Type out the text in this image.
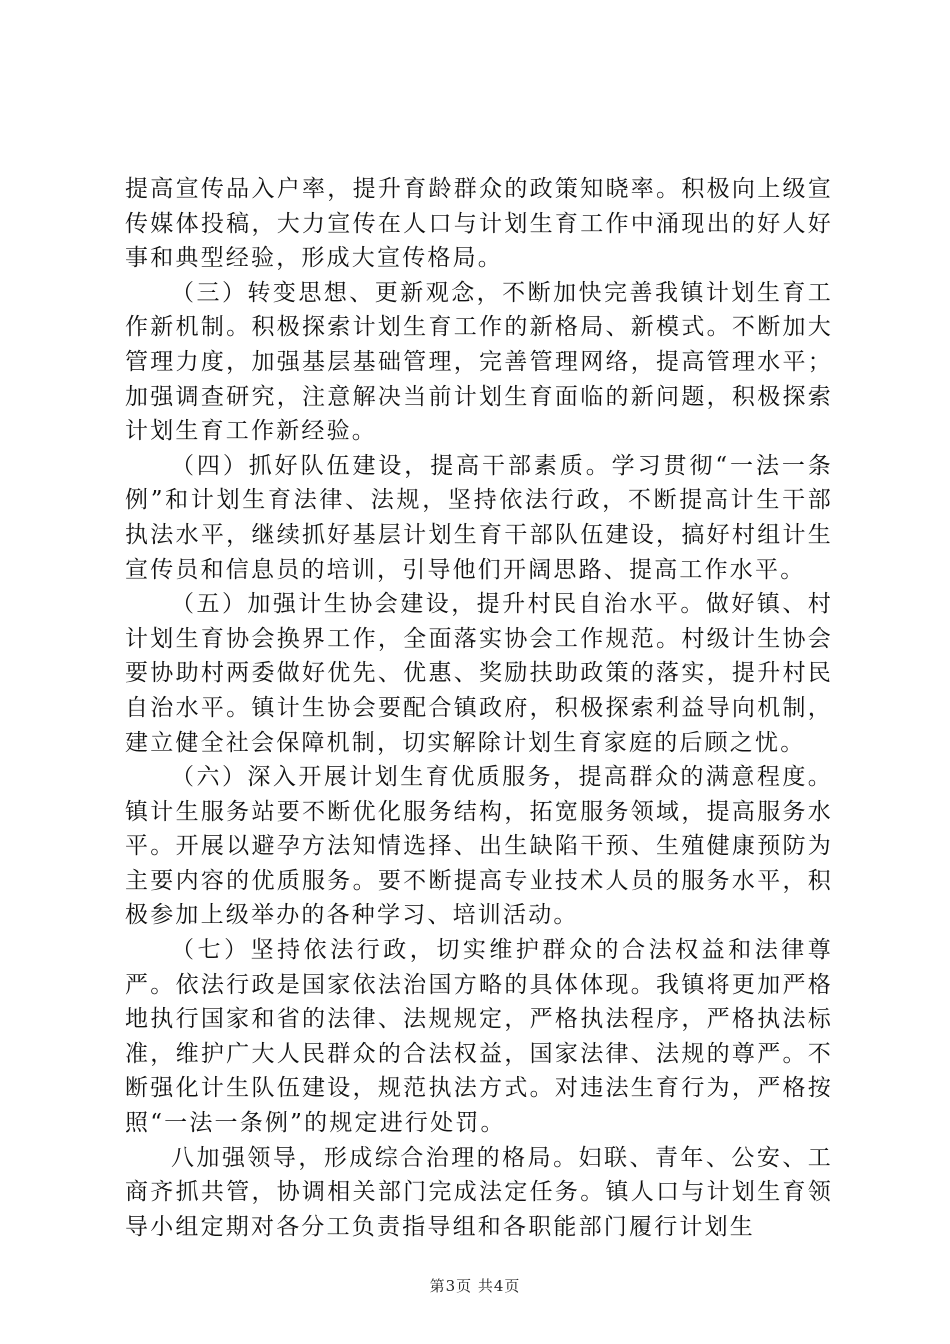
提高宣传品入户率，提升育龄群众的政策知晓率。积极向上级宣传媒体投稿，大力宣传在人口与计划生育工作中涌现出的好人好事和典型经验，形成大宣传格局。

（三）转变思想、更新观念，不断加快完善我镇计划生育工作新机制。积极探索计划生育工作的新格局、新模式。不断加大管理力度，加强基层基础管理，完善管理网络，提高管理水平；加强调查研究，注意解决当前计划生育面临的新问题，积极探索计划生育工作新经验。

（四）抓好队伍建设，提高干部素质。学习贯彻“一法一条例”和计划生育法律、法规，坚持依法行政，不断提高计生干部执法水平，继续抓好基层计划生育干部队伍建设，搞好村组计生宣传员和信息员的培训，引导他们开阔思路、提高工作水平。

（五）加强计生协会建设，提升村民自治水平。做好镇、村计划生育协会换界工作，全面落实协会工作规范。村级计生协会要协助村两委做好优先、优惠、奖励扶助政策的落实，提升村民自治水平。镇计生协会要配合镇政府，积极探索利益导向机制，建立健全社会保障机制，切实解除计划生育家庭的后顾之忧。

（六）深入开展计划生育优质服务，提高群众的满意程度。镇计生服务站要不断优化服务结构，拓宽服务领域，提高服务水平。开展以避孕方法知情选择、出生缺陷干预、生殖健康预防为主要内容的优质服务。要不断提高专业技术人员的服务水平，积极参加上级举办的各种学习、培训活动。

（七）坚持依法行政，切实维护群众的合法权益和法律尊严。依法行政是国家依法治国方略的具体体现。我镇将更加严格地执行国家和省的法律、法规规定，严格执法程序，严格执法标准，维护广大人民群众的合法权益，国家法律、法规的尊严。不断强化计生队伍建设，规范执法方式。对违法生育行为，严格按照“一法一条例”的规定进行处罚。

八加强领导，形成综合治理的格局。妇联、青年、公安、工商齐抓共管，协调相关部门完成法定任务。镇人口与计划生育领导小组定期对各分工负责指导组和各职能部门履行计划生

第3页 共4页
